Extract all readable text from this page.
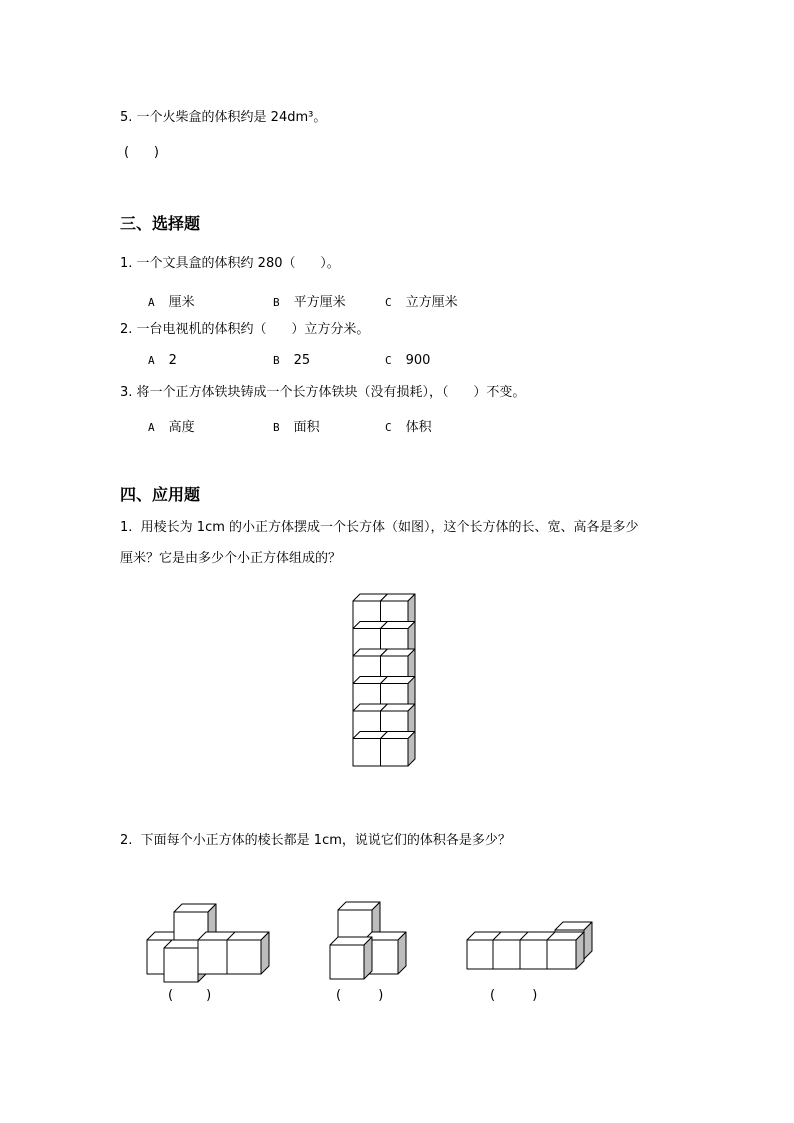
5. 一个火柴盒的体积约是 24dm³。
(      )
三、选择题
1. 一个文具盒的体积约 280（      ）。
A 厘米	B 平方厘米	C 立方厘米
2. 一台电视机的体积约（      ）立方分米。
A 2	B 25	C 900
3. 将一个正方体铁块铸成一个长方体铁块（没有损耗），（      ）不变。
A 高度	B 面积	C 体积
四、应用题
1.  用棱长为 1cm 的小正方体摆成一个长方体（如图），这个长方体的长、宽、高各是多少
厘米？它是由多少个小正方体组成的？
2.  下面每个小正方体的棱长都是 1cm，说说它们的体积各是多少？
(        )	(         )	(         )
